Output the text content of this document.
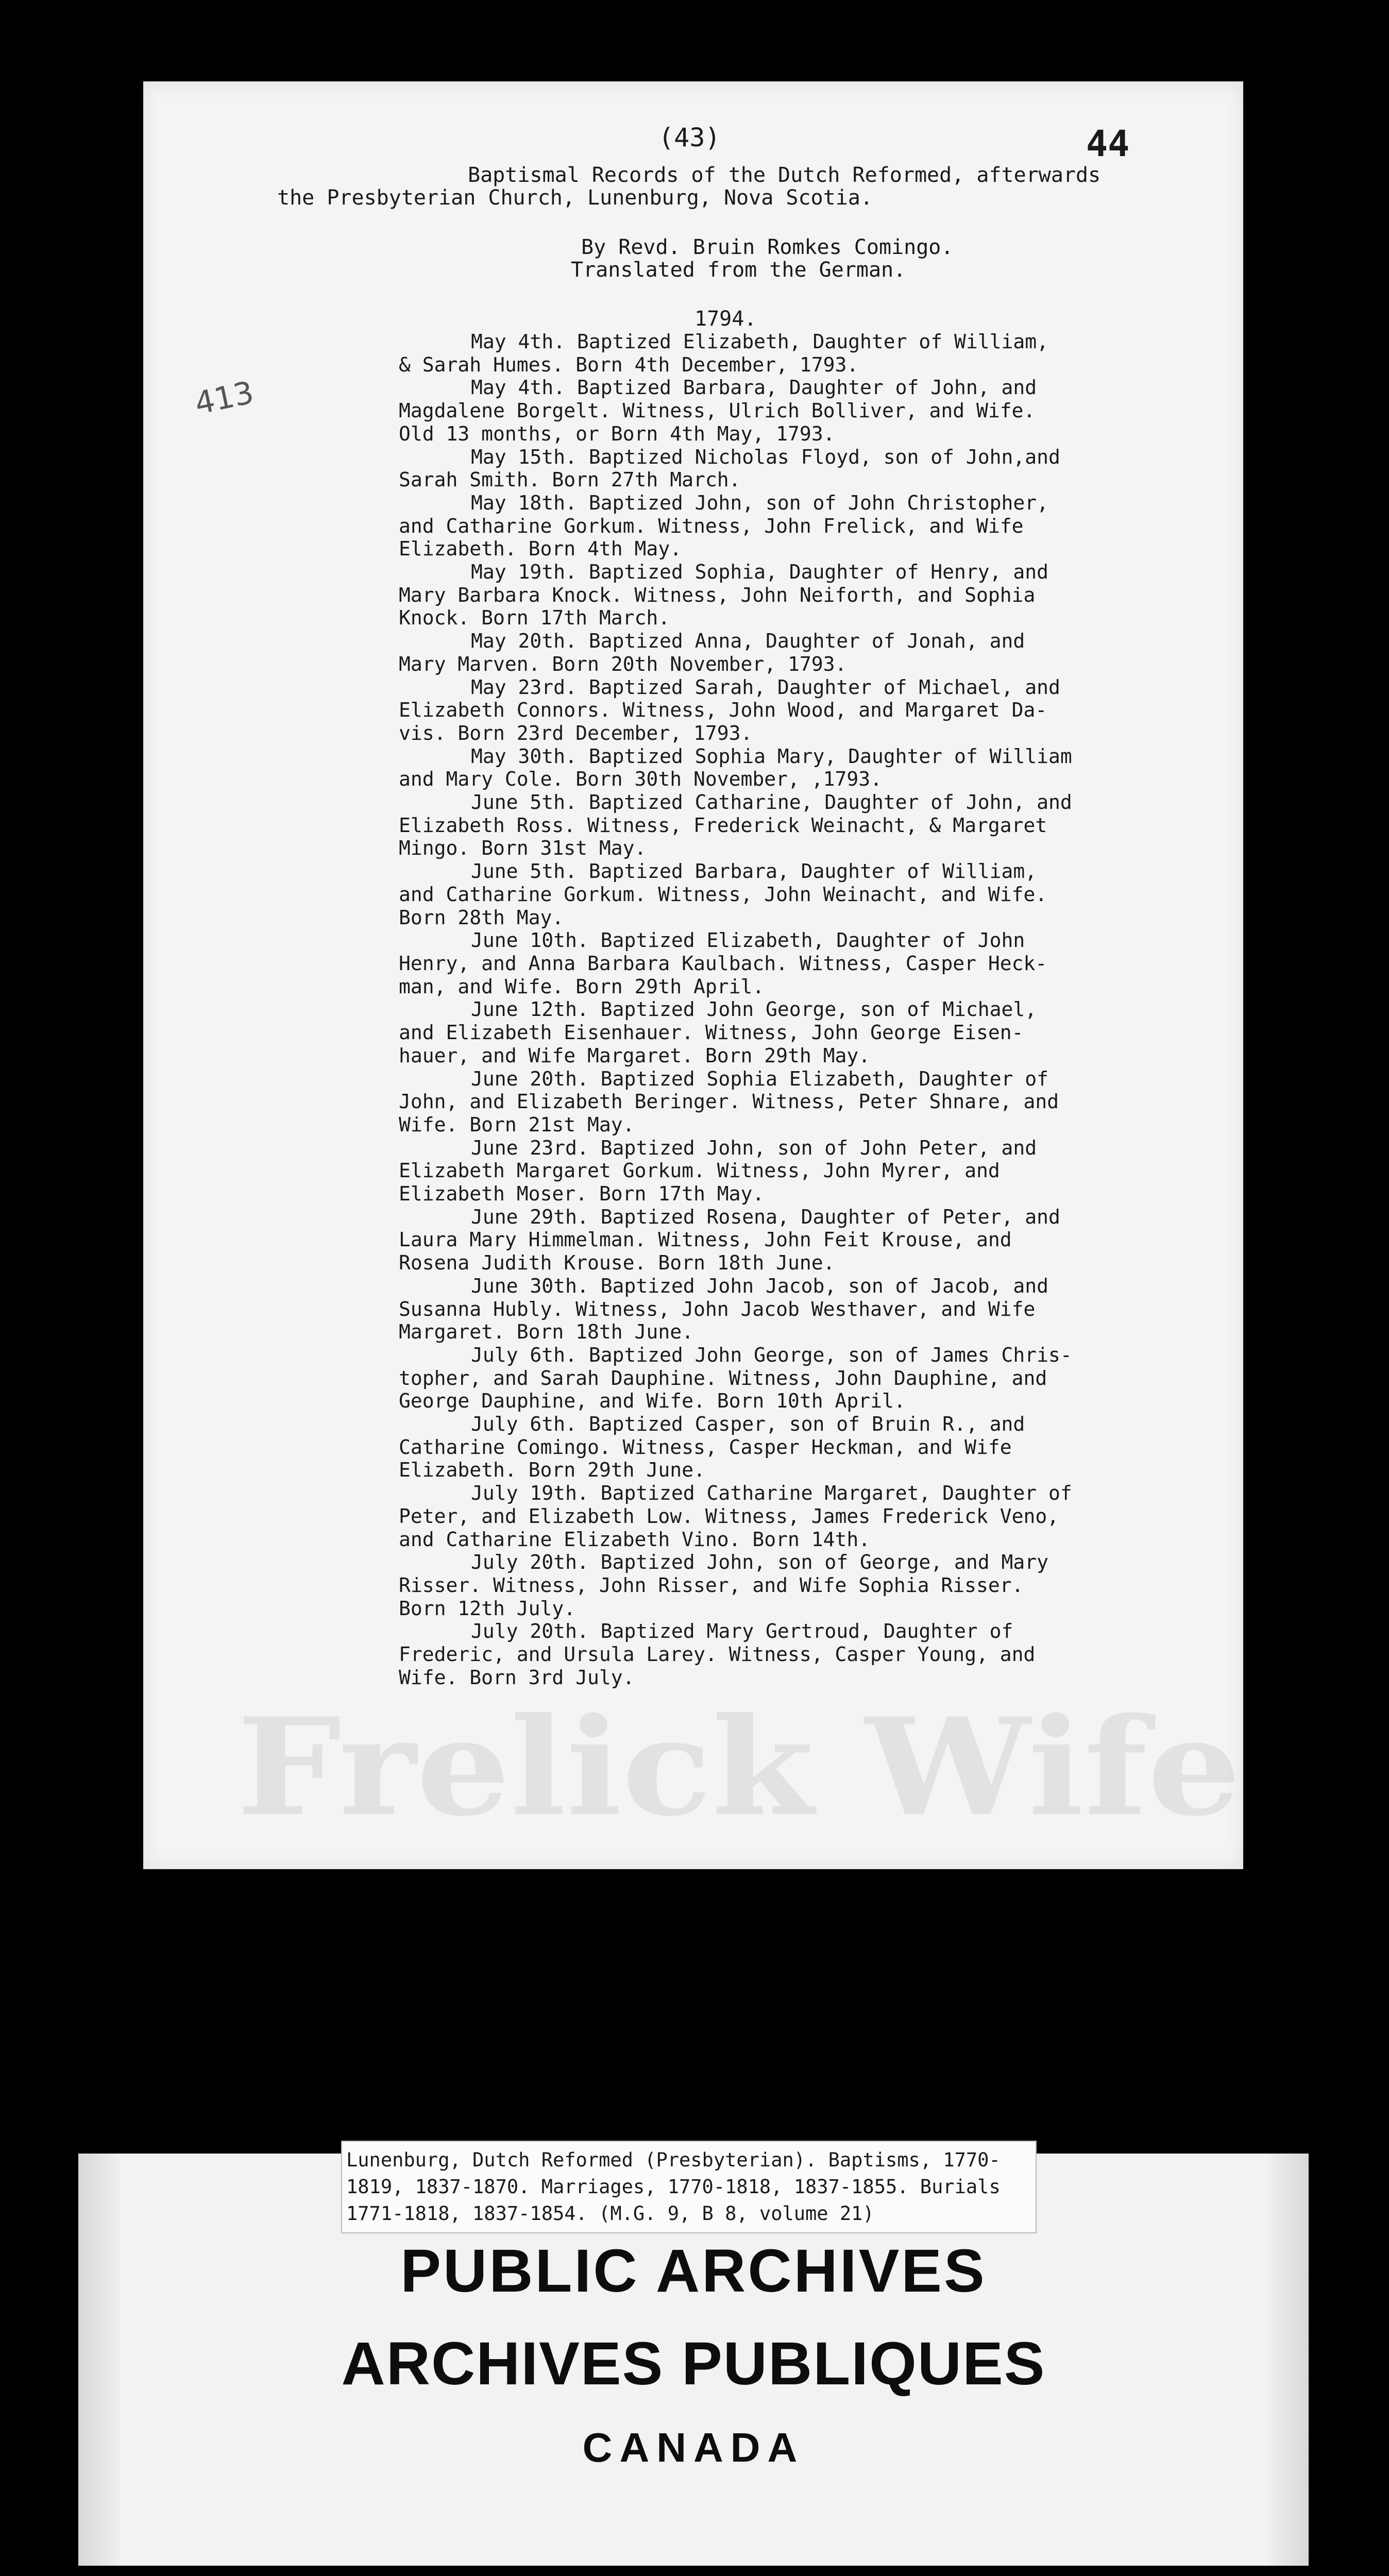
Frelick Wife
(43)	44
413
Baptismal Records of the Dutch Reformed, afterwards
the Presbyterian Church, Lunenburg, Nova Scotia.
By Revd. Bruin Romkes Comingo.
Translated from the German.
1794.
May 4th. Baptized Elizabeth, Daughter of William,
& Sarah Humes. Born 4th December, 1793.
May 4th. Baptized Barbara, Daughter of John, and
Magdalene Borgelt. Witness, Ulrich Bolliver, and Wife.
Old 13 months, or Born 4th May, 1793.
May 15th. Baptized Nicholas Floyd, son of John,and
Sarah Smith. Born 27th March.
May 18th. Baptized John, son of John Christopher,
and Catharine Gorkum. Witness, John Frelick, and Wife
Elizabeth. Born 4th May.
May 19th. Baptized Sophia, Daughter of Henry, and
Mary Barbara Knock. Witness, John Neiforth, and Sophia
Knock. Born 17th March.
May 20th. Baptized Anna, Daughter of Jonah, and
Mary Marven. Born 20th November, 1793.
May 23rd. Baptized Sarah, Daughter of Michael, and
Elizabeth Connors. Witness, John Wood, and Margaret Da-
vis. Born 23rd December, 1793.
May 30th. Baptized Sophia Mary, Daughter of William
and Mary Cole. Born 30th November, ,1793.
June 5th. Baptized Catharine, Daughter of John, and
Elizabeth Ross. Witness, Frederick Weinacht, & Margaret
Mingo. Born 31st May.
June 5th. Baptized Barbara, Daughter of William,
and Catharine Gorkum. Witness, John Weinacht, and Wife.
Born 28th May.
June 10th. Baptized Elizabeth, Daughter of John
Henry, and Anna Barbara Kaulbach. Witness, Casper Heck-
man, and Wife. Born 29th April.
June 12th. Baptized John George, son of Michael,
and Elizabeth Eisenhauer. Witness, John George Eisen-
hauer, and Wife Margaret. Born 29th May.
June 20th. Baptized Sophia Elizabeth, Daughter of
John, and Elizabeth Beringer. Witness, Peter Shnare, and
Wife. Born 21st May.
June 23rd. Baptized John, son of John Peter, and
Elizabeth Margaret Gorkum. Witness, John Myrer, and
Elizabeth Moser. Born 17th May.
June 29th. Baptized Rosena, Daughter of Peter, and
Laura Mary Himmelman. Witness, John Feit Krouse, and
Rosena Judith Krouse. Born 18th June.
June 30th. Baptized John Jacob, son of Jacob, and
Susanna Hubly. Witness, John Jacob Westhaver, and Wife
Margaret. Born 18th June.
July 6th. Baptized John George, son of James Chris-
topher, and Sarah Dauphine. Witness, John Dauphine, and
George Dauphine, and Wife. Born 10th April.
July 6th. Baptized Casper, son of Bruin R., and
Catharine Comingo. Witness, Casper Heckman, and Wife
Elizabeth. Born 29th June.
July 19th. Baptized Catharine Margaret, Daughter of
Peter, and Elizabeth Low. Witness, James Frederick Veno,
and Catharine Elizabeth Vino. Born 14th.
July 20th. Baptized John, son of George, and Mary
Risser. Witness, John Risser, and Wife Sophia Risser.
Born 12th July.
July 20th. Baptized Mary Gertroud, Daughter of
Frederic, and Ursula Larey. Witness, Casper Young, and
Wife. Born 3rd July.
Lunenburg, Dutch Reformed (Presbyterian). Baptisms, 1770-
1819, 1837-1870. Marriages, 1770-1818, 1837-1855. Burials
1771-1818, 1837-1854. (M.G. 9, B 8, volume 21)
PUBLIC ARCHIVES
ARCHIVES PUBLIQUES
CANADA
